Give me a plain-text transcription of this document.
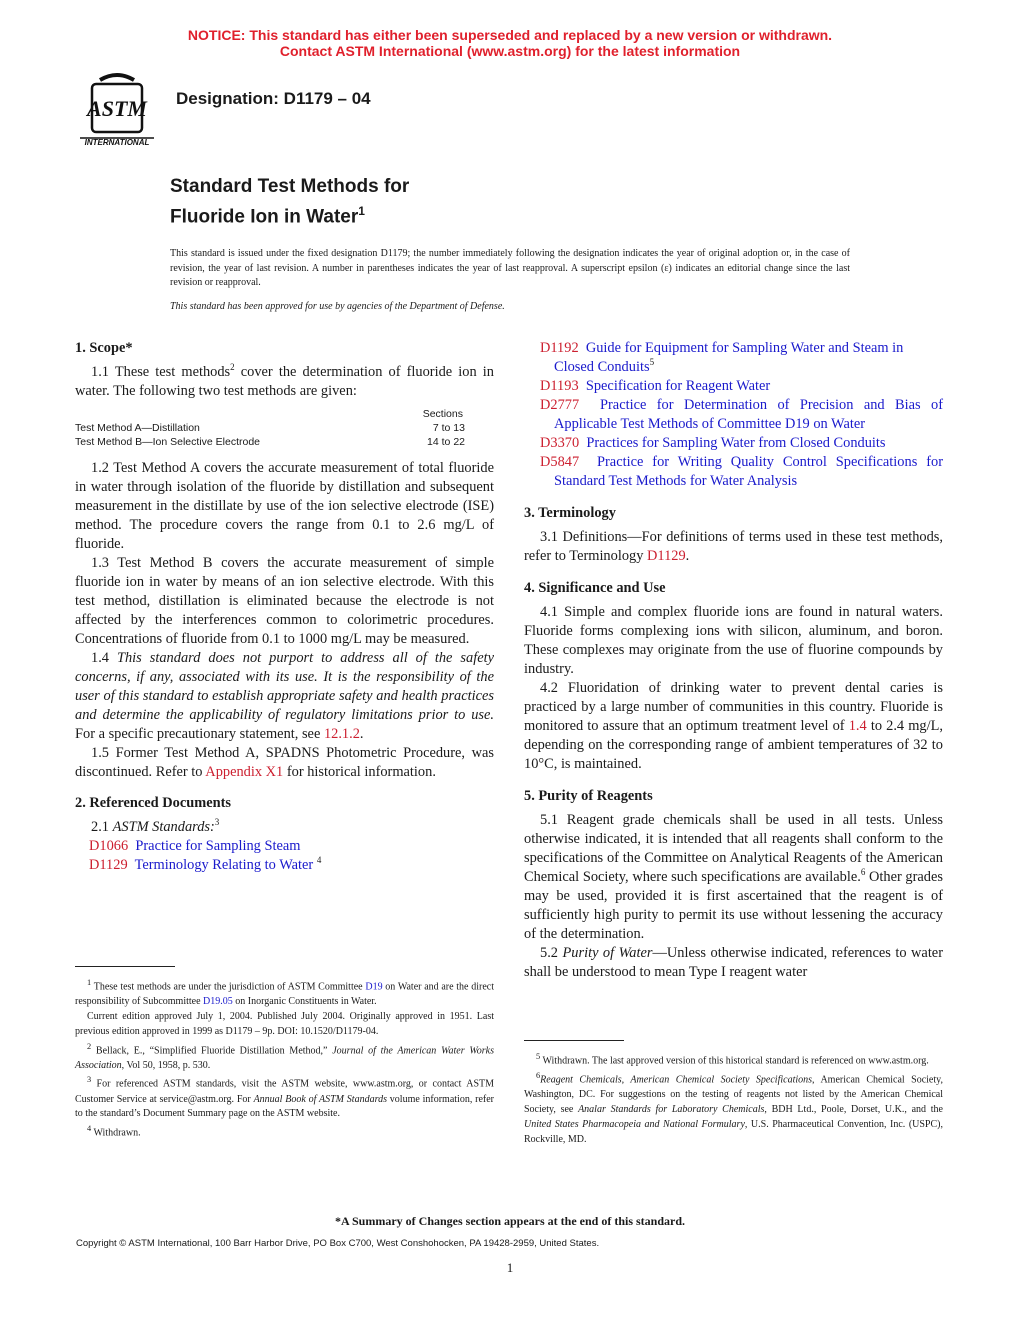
NOTICE: This standard has either been superseded and replaced by a new version or withdrawn.
Contact ASTM International (www.astm.org) for the latest information
ASTM
INTERNATIONAL
Designation: D1179 – 04
Standard Test Methods for
Fluoride Ion in Water$^1$
This standard is issued under the fixed designation D1179; the number immediately following the designation indicates the year of original adoption or, in the case of revision, the year of last revision. A number in parentheses indicates the year of last reapproval. A superscript epsilon (ε) indicates an editorial change since the last revision or reapproval.
This standard has been approved for use by agencies of the Department of Defense.
1. Scope*

1.1 These test methods$^2$ cover the determination of fluoride ion in water. The following two test methods are given:

Sections
Test Method A—Distillation	7 to 13
Test Method B—Ion Selective Electrode	14 to 22

1.2 Test Method A covers the accurate measurement of total fluoride in water through isolation of the fluoride by distillation and subsequent measurement in the distillate by use of the ion selective electrode (ISE) method. The procedure covers the range from 0.1 to 2.6 mg/L of fluoride.

1.3 Test Method B covers the accurate measurement of simple fluoride ion in water by means of an ion selective electrode. With this test method, distillation is eliminated because the electrode is not affected by the interferences common to colorimetric procedures. Concentrations of fluoride from 0.1 to 1000 mg/L may be measured.

1.4 This standard does not purport to address all of the safety concerns, if any, associated with its use. It is the responsibility of the user of this standard to establish appropriate safety and health practices and determine the applicability of regulatory limitations prior to use. For a specific precautionary statement, see 12.1.2.

1.5 Former Test Method A, SPADNS Photometric Procedure, was discontinued. Refer to Appendix X1 for historical information.

2. Referenced Documents

2.1 ASTM Standards:$^3$

D1066 Practice for Sampling Steam

D1129 Terminology Relating to Water $^4$

D1192 Guide for Equipment for Sampling Water and Steam in Closed Conduits$^5$

D1193 Specification for Reagent Water

D2777 Practice for Determination of Precision and Bias of Applicable Test Methods of Committee D19 on Water

D3370 Practices for Sampling Water from Closed Conduits

D5847 Practice for Writing Quality Control Specifications for Standard Test Methods for Water Analysis

3. Terminology

3.1 Definitions—For definitions of terms used in these test methods, refer to Terminology D1129.

4. Significance and Use

4.1 Simple and complex fluoride ions are found in natural waters. Fluoride forms complexing ions with silicon, aluminum, and boron. These complexes may originate from the use of fluorine compounds by industry.

4.2 Fluoridation of drinking water to prevent dental caries is practiced by a large number of communities in this country. Fluoride is monitored to assure that an optimum treatment level of 1.4 to 2.4 mg/L, depending on the corresponding range of ambient temperatures of 32 to 10°C, is maintained.

5. Purity of Reagents

5.1 Reagent grade chemicals shall be used in all tests. Unless otherwise indicated, it is intended that all reagents shall conform to the specifications of the Committee on Analytical Reagents of the American Chemical Society, where such specifications are available.$^6$ Other grades may be used, provided it is first ascertained that the reagent is of sufficiently high purity to permit its use without lessening the accuracy of the determination.

5.2 Purity of Water—Unless otherwise indicated, references to water shall be understood to mean Type I reagent water

$^1$ These test methods are under the jurisdiction of ASTM Committee D19 on Water and are the direct responsibility of Subcommittee D19.05 on Inorganic Constituents in Water.

Current edition approved July 1, 2004. Published July 2004. Originally approved in 1951. Last previous edition approved in 1999 as D1179 – 9p. DOI: 10.1520/D1179-04.

$^2$ Bellack, E., “Simplified Fluoride Distillation Method,” Journal of the American Water Works Association, Vol 50, 1958, p. 530.

$^3$ For referenced ASTM standards, visit the ASTM website, www.astm.org, or contact ASTM Customer Service at service@astm.org. For Annual Book of ASTM Standards volume information, refer to the standard’s Document Summary page on the ASTM website.

$^4$ Withdrawn.

$^5$ Withdrawn. The last approved version of this historical standard is referenced on www.astm.org.

$^6$Reagent Chemicals, American Chemical Society Specifications, American Chemical Society, Washington, DC. For suggestions on the testing of reagents not listed by the American Chemical Society, see Analar Standards for Laboratory Chemicals, BDH Ltd., Poole, Dorset, U.K., and the United States Pharmacopeia and National Formulary, U.S. Pharmaceutical Convention, Inc. (USPC), Rockville, MD.

*A Summary of Changes section appears at the end of this standard.
Copyright © ASTM International, 100 Barr Harbor Drive, PO Box C700, West Conshohocken, PA 19428-2959, United States.
1
